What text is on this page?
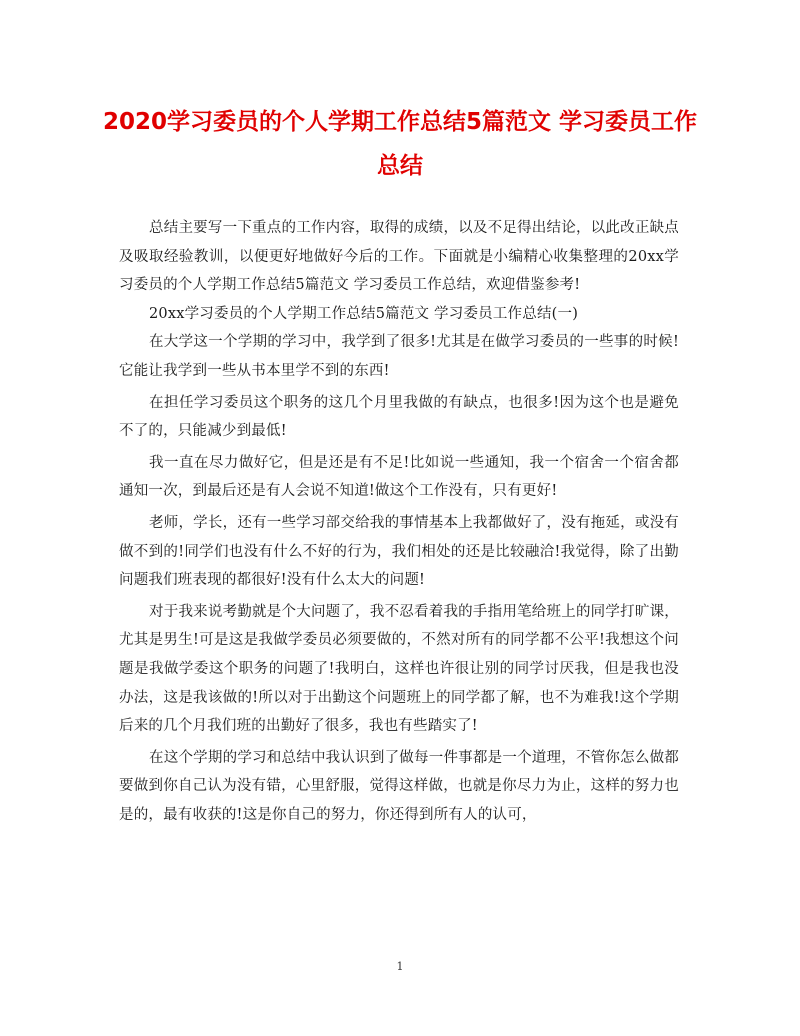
2020学习委员的个人学期工作总结5篇范文 学习委员工作总结

总结主要写一下重点的工作内容，取得的成绩，以及不足得出结论，以此改正缺点及吸取经验教训，以便更好地做好今后的工作。下面就是小编精心收集整理的20xx学习委员的个人学期工作总结5篇范文 学习委员工作总结，欢迎借鉴参考!

20xx学习委员的个人学期工作总结5篇范文 学习委员工作总结(一)

在大学这一个学期的学习中，我学到了很多!尤其是在做学习委员的一些事的时候!它能让我学到一些从书本里学不到的东西!

在担任学习委员这个职务的这几个月里我做的有缺点，也很多!因为这个也是避免不了的，只能减少到最低!

我一直在尽力做好它，但是还是有不足!比如说一些通知，我一个宿舍一个宿舍都通知一次，到最后还是有人会说不知道!做这个工作没有，只有更好!

老师，学长，还有一些学习部交给我的事情基本上我都做好了，没有拖延，或没有做不到的!同学们也没有什么不好的行为，我们相处的还是比较融洽!我觉得，除了出勤问题我们班表现的都很好!没有什么太大的问题!

对于我来说考勤就是个大问题了，我不忍看着我的手指用笔给班上的同学打旷课，尤其是男生!可是这是我做学委员必须要做的，不然对所有的同学都不公平!我想这个问题是我做学委这个职务的问题了!我明白，这样也许很让别的同学讨厌我，但是我也没办法，这是我该做的!所以对于出勤这个问题班上的同学都了解，也不为难我!这个学期后来的几个月我们班的出勤好了很多，我也有些踏实了!

在这个学期的学习和总结中我认识到了做每一件事都是一个道理，不管你怎么做都要做到你自己认为没有错，心里舒服，觉得这样做，也就是你尽力为止，这样的努力也是的，最有收获的!这是你自己的努力，你还得到所有人的认可，

1
